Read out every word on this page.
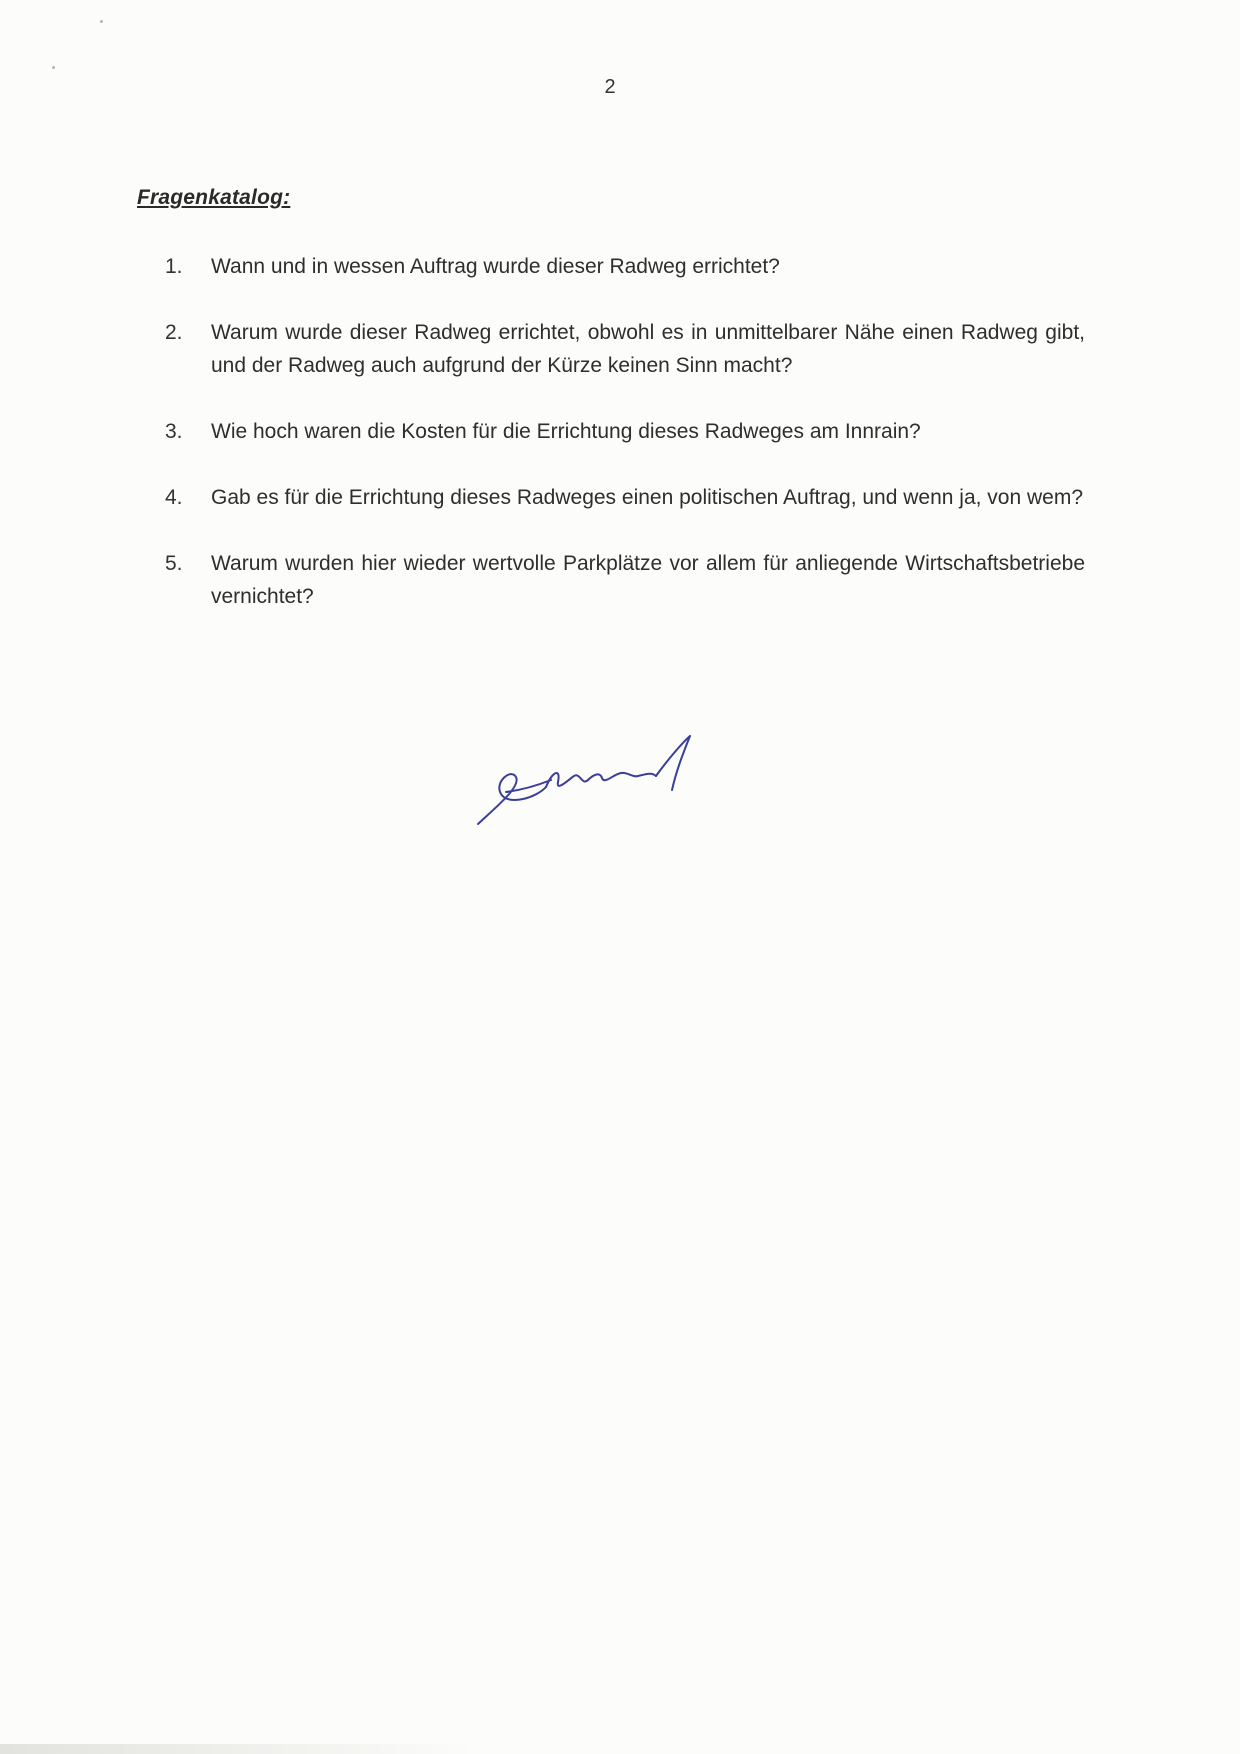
2
Fragenkatalog:
1.	Wann und in wessen Auftrag wurde dieser Radweg errichtet?
2.	Warum wurde dieser Radweg errichtet, obwohl es in unmittelbarer Nähe einen Radweg gibt, und der Radweg auch aufgrund der Kürze keinen Sinn macht?
3.	Wie hoch waren die Kosten für die Errichtung dieses Radweges am Innrain?
4.	Gab es für die Errichtung dieses Radweges einen politischen Auftrag, und wenn ja, von wem?
5.	Warum wurden hier wieder wertvolle Parkplätze vor allem für anliegende Wirtschaftsbetriebe vernichtet?
